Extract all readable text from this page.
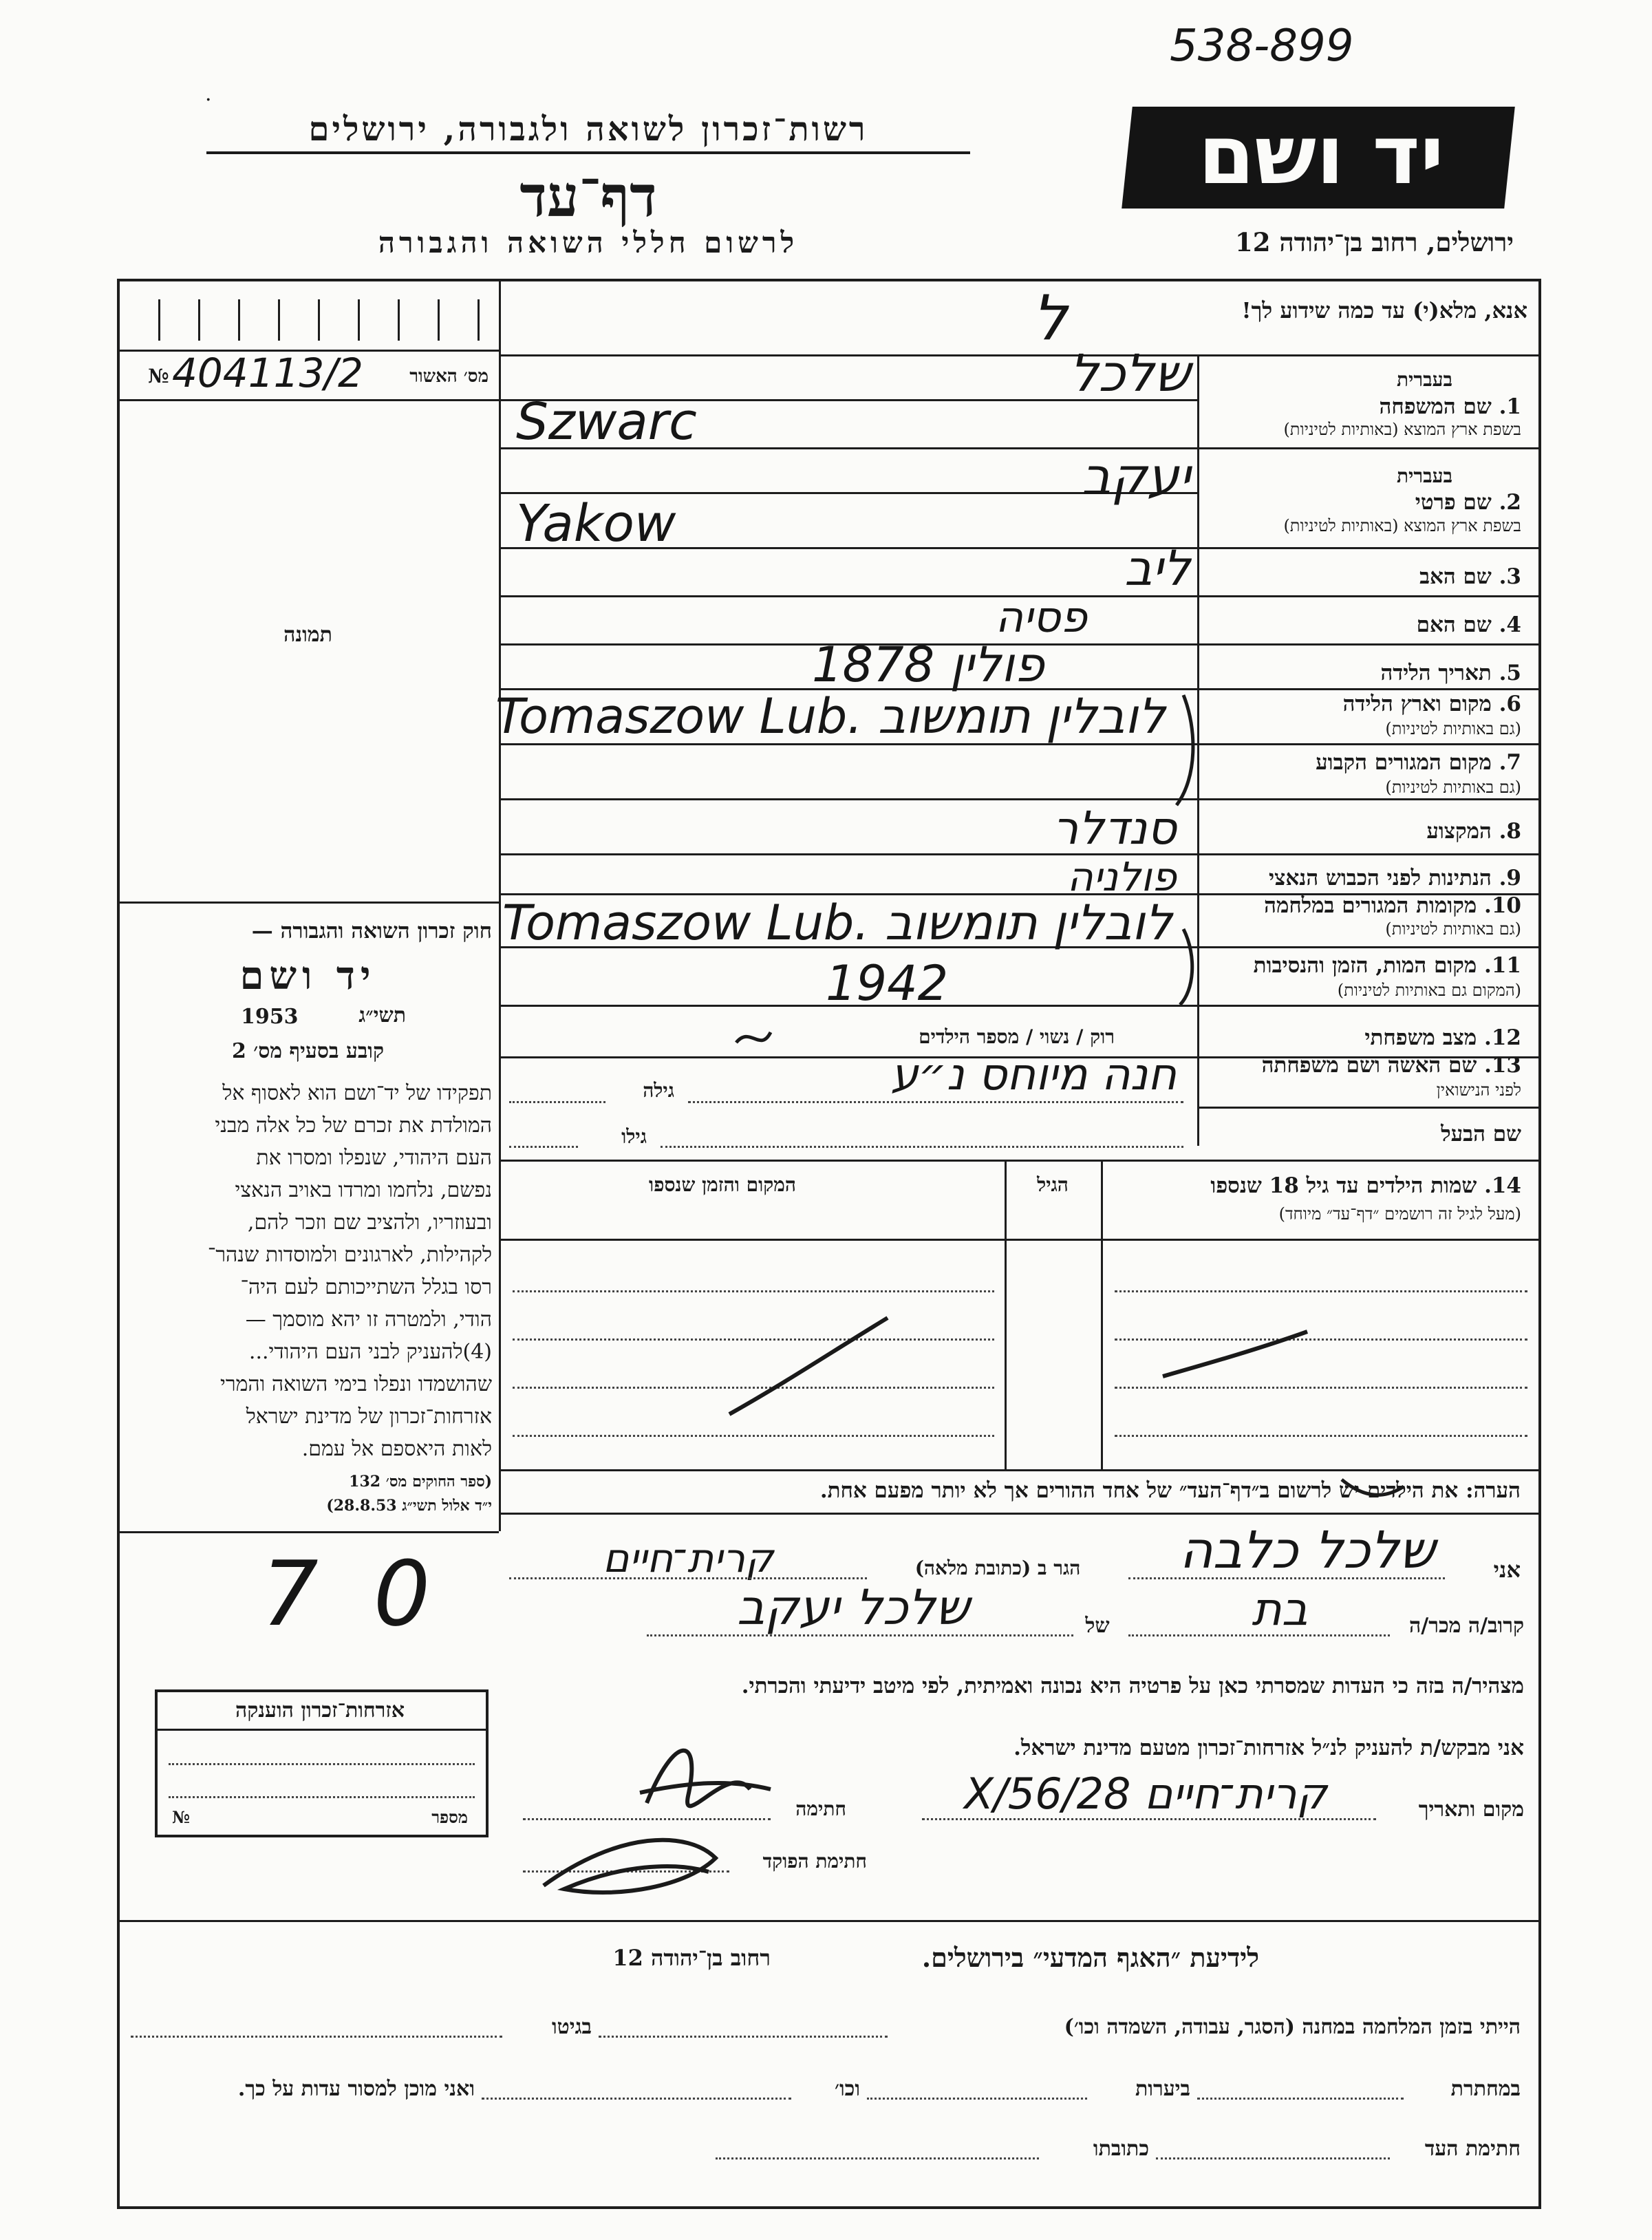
538-899
·
יד ושם
ירושלים, רחוב בן־יהודה 12
רשות־זכרון לשואה ולגבורה, ירושלים
דף־עד
לרשום חללי השואה והגבורה
מס׳ האשור
№ 404113/2
תמונה
אנא, מלא(י) עד כמה שידוע לך!
ל
בעברית
1. שם המשפחה
בשפת ארץ המוצא (באותיות לטיניות)
שלכל
Szwarc
בעברית
2. שם פרטי
בשפת ארץ המוצא (באותיות לטיניות)
יעקב
Yakow
3. שם האב
ליב
4. שם האם
פסיה
5. תאריך הלידה
1878 פולין
6. מקום וארץ הלידה
(גם באותיות לטיניות)
Tomaszow Lub. לובלין תומשוב
7. מקום המגורים הקבוע
(גם באותיות לטיניות)
8. המקצוע
סנדלר
9. הנתינות לפני הכבוש הנאצי
פולניה
10. מקומות המגורים במלחמה
(גם באותיות לטיניות)
Tomaszow Lub. לובלין תומשוב
11. מקום המות, הזמן והנסיבות
(המקום גם באותיות לטיניות)
1942
12. מצב משפחתי
רוק / נשוי / מספר הילדים
13. שם האשה ושם משפחתה
לפני הנישואין
גילה	חנה מיוחס נ״ע
שם הבעל
גילו
14. שמות הילדים עד גיל 18 שנספו
(מעל לגיל זה רושמים ״דף־עד״ מיוחד)
הגיל
המקום והזמן שנספו
חוק זכרון השואה והגבורה —
יד ושם
1953	תשי״ג
קובע בסעיף מס׳ 2
תפקידו של יד־ושם הוא לאסוף אל
המולדת את זכרם של כל אלה מבני
העם היהודי, שנפלו ומסרו את
נפשם, נלחמו ומרדו באויב הנאצי
ובעוזריו, ולהציב שם וזכר להם,
לקהילות, לארגונים ולמוסדות שנהר־
רסו בגלל השתייכותם לעם היה־
הודי, ולמטרה זו יהא מוסמך —
(4)להעניק לבני העם היהודי...
שהושמדו ונפלו בימי השואה והמרי
אזרחות־זכרון של מדינת ישראל
לאות היאספם אל עמם.
(ספר החוקים מס׳ 132
י״ד אלול תשי״ג 28.8.53)
70
אזרחות־זכרון הוענקה
מספר
№
הערה: את הילדים יש לרשום ב״דף־העד״ של אחד ההורים אך לא יותר מפעם אחת.
אני
שלכל כלבה
הגר ב (כתובת מלאה)
קרית־חיים
קרוב/ה מכר/ה
בת
של
שלכל יעקב
מצהיר/ה בזה כי העדות שמסרתי כאן על פרטיה היא נכונה ואמיתית, לפי מיטב ידיעתי והכרתי.
אני מבקש/ת להעניק לנ״ל אזרחות־זכרון מטעם מדינת ישראל.
מקום ותאריך
קרית־חיים 28/X/56
חתימה
חתימת הפוקד
לידיעת ״האגף המדעי״ בירושלים.
רחוב בן־יהודה 12
הייתי בזמן המלחמה במחנה (הסגר, עבודה, השמדה וכו׳)
בגיטו
במחתרת
ביערות
וכו׳
ואני מוכן למסור עדות על כך.
חתימת העד
כתובתו
